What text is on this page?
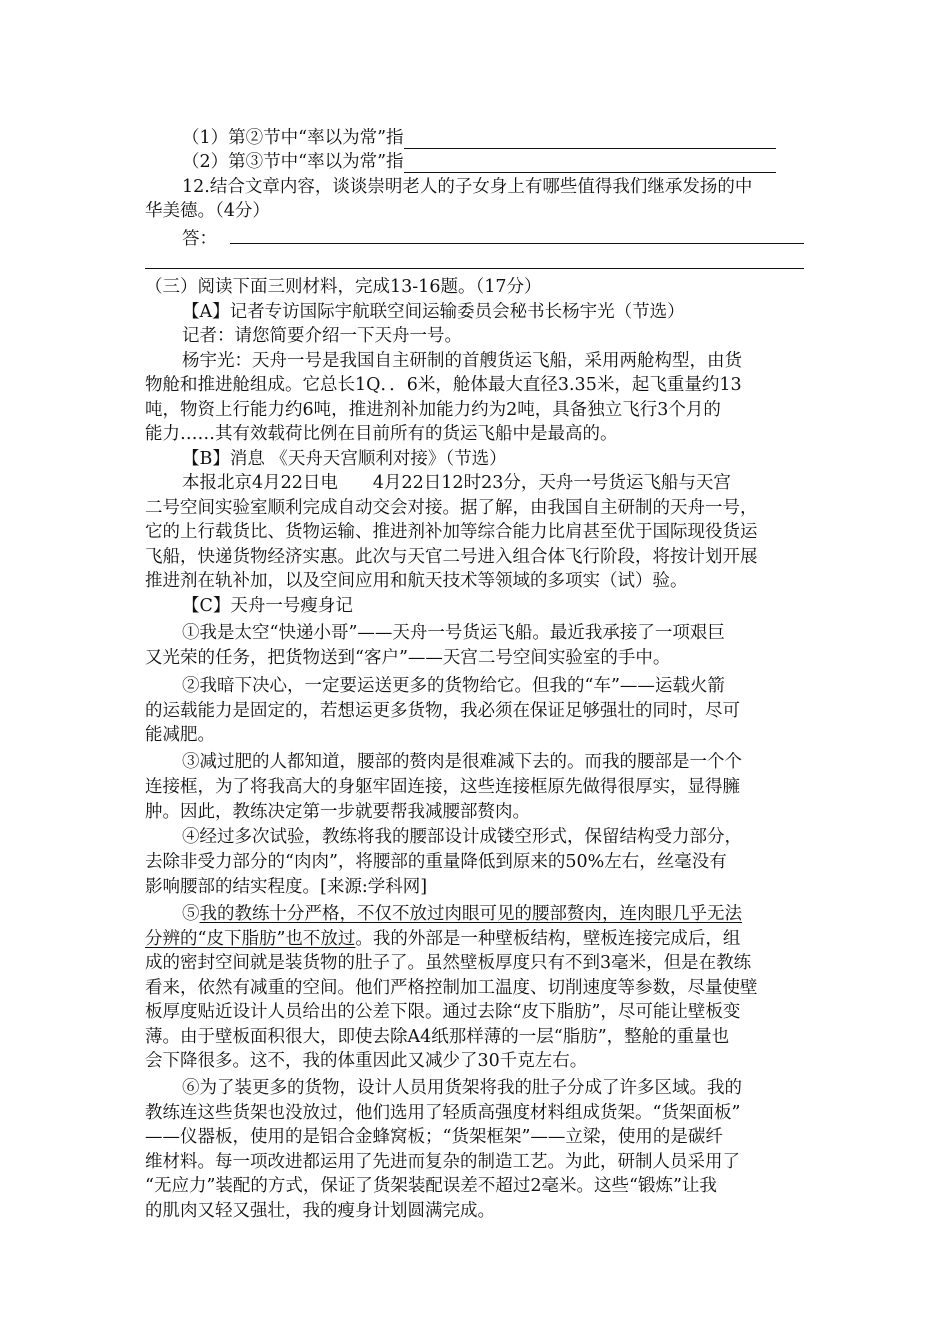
（1）第②节中“率以为常”指
（2）第③节中“率以为常”指
12.结合文章内容，谈谈崇明老人的子女身上有哪些值得我们继承发扬的中
华美德。（4分）
答：
（三）阅读下面三则材料，完成13-16题。（17分）
【A】记者专访国际宇航联空间运输委员会秘书长杨宇光（节选）
记者：请您简要介绍一下天舟一号。
杨宇光：天舟一号是我国自主研制的首艘货运飞船，采用两舱构型，由货
物舱和推进舱组成。它总长1Q．．6米，舱体最大直径3.35米，起飞重量约13
吨，物资上行能力约6吨，推进剂补加能力约为2吨，具备独立飞行3个月的
能力……其有效载荷比例在目前所有的货运飞船中是最高的。
【B】消息 《天舟天宫顺利对接》（节选）
本报北京4月22日电　　4月22日12时23分，天舟一号货运飞船与天宫
二号空间实验室顺利完成自动交会对接。据了解，由我国自主研制的天舟一号，
它的上行载货比、货物运输、推进剂补加等综合能力比肩甚至优于国际现役货运
飞船，快递货物经济实惠。此次与天官二号进入组合体飞行阶段，将按计划开展
推进剂在轨补加，以及空间应用和航天技术等领域的多项实（试）验。
【C】天舟一号瘦身记
①我是太空“快递小哥”——天舟一号货运飞船。最近我承接了一项艰巨
又光荣的任务，把货物送到“客户”——天宫二号空间实验室的手中。
②我暗下决心，一定要运送更多的货物给它。但我的“车”——运载火箭
的运载能力是固定的，若想运更多货物，我必须在保证足够强壮的同时，尽可
能减肥。
③减过肥的人都知道，腰部的赘肉是很难减下去的。而我的腰部是一个个
连接框，为了将我高大的身躯牢固连接，这些连接框原先做得很厚实，显得臃
肿。因此，教练决定第一步就要帮我减腰部赘肉。
④经过多次试验，教练将我的腰部设计成镂空形式，保留结构受力部分，
去除非受力部分的“肉肉”，将腰部的重量降低到原来的50%左右，丝毫没有
影响腰部的结实程度。[来源:学科网]
⑤我的教练十分严格，不仅不放过肉眼可见的腰部赘肉，连肉眼几乎无法
分辨的“皮下脂肪”也不放过。我的外部是一种壁板结构，壁板连接完成后，组
成的密封空间就是装货物的肚子了。虽然壁板厚度只有不到3毫米，但是在教练
看来，依然有减重的空间。他们严格控制加工温度、切削速度等参数，尽量使壁
板厚度贴近设计人员给出的公差下限。通过去除“皮下脂肪”，尽可能让壁板变
薄。由于壁板面积很大，即使去除A4纸那样薄的一层“脂肪”，整舱的重量也
会下降很多。这不，我的体重因此又减少了30千克左右。
⑥为了装更多的货物，设计人员用货架将我的肚子分成了许多区域。我的
教练连这些货架也没放过，他们选用了轻质高强度材料组成货架。“货架面板”
——仪器板，使用的是铝合金蜂窝板；“货架框架”——立梁，使用的是碳纤
维材料。每一项改进都运用了先进而复杂的制造工艺。为此，研制人员采用了
“无应力”装配的方式，保证了货架装配误差不超过2毫米。这些“锻炼”让我
的肌肉又轻又强壮，我的瘦身计划圆满完成。
